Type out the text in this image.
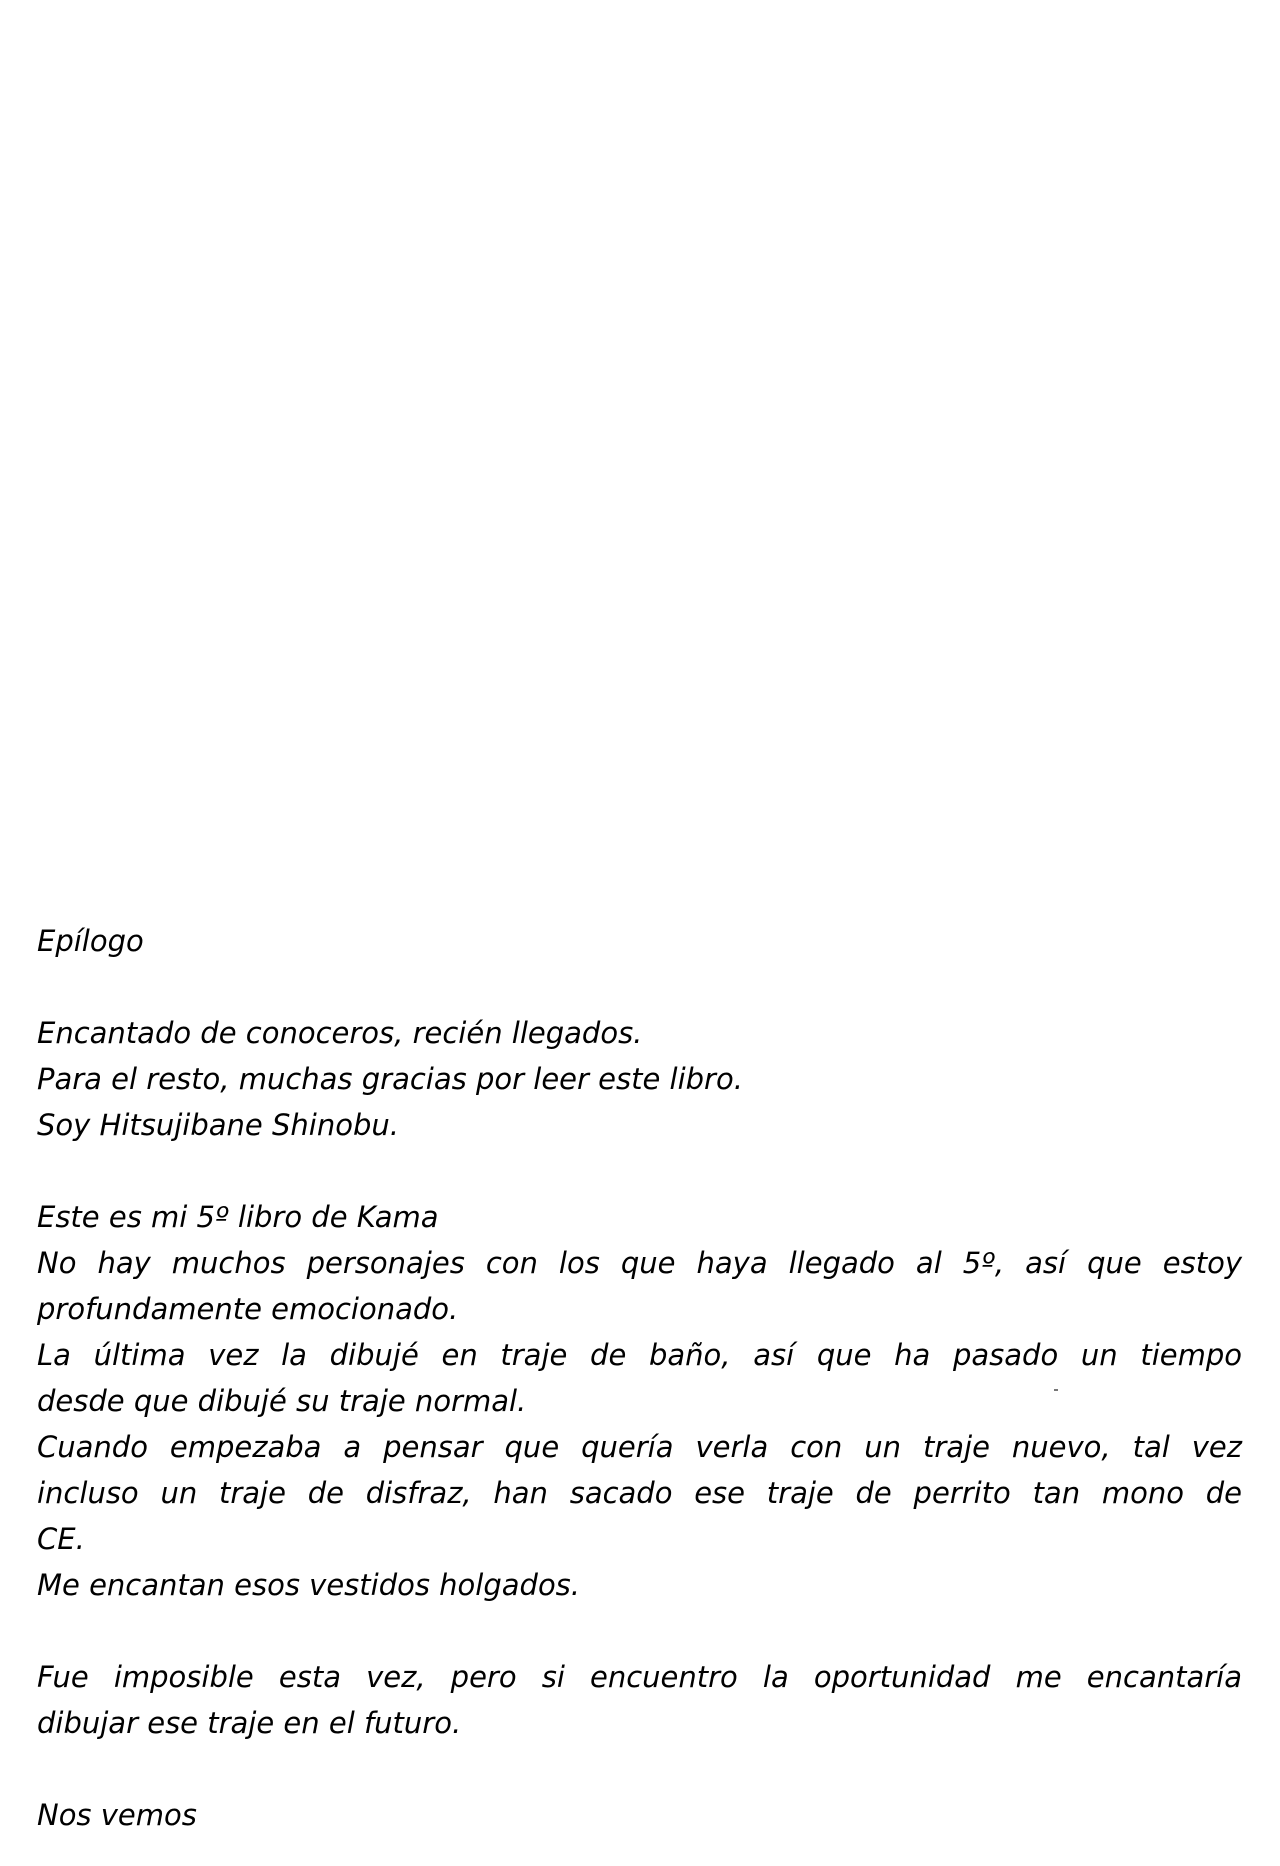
Epílogo
Encantado de conoceros, recién llegados.
Para el resto, muchas gracias por leer este libro.
Soy Hitsujibane Shinobu.
Este es mi 5º libro de Kama
No hay muchos personajes con los que haya llegado al 5º, así que estoy
profundamente emocionado.
La última vez la dibujé en traje de baño, así que ha pasado un tiempo
desde que dibujé su traje normal.
Cuando empezaba a pensar que quería verla con un traje nuevo, tal vez
incluso un traje de disfraz, han sacado ese traje de perrito tan mono de
CE.
Me encantan esos vestidos holgados.
Fue imposible esta vez, pero si encuentro la oportunidad me encantaría
dibujar ese traje en el futuro.
Nos vemos
